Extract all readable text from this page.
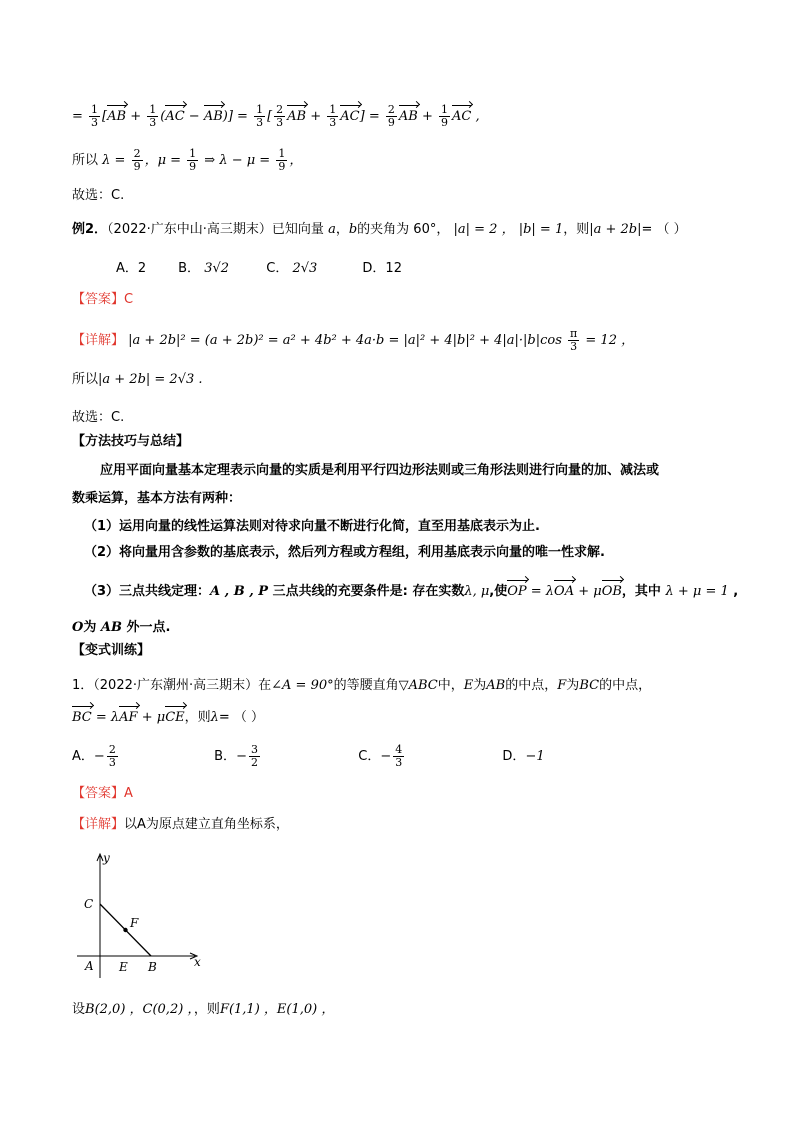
= $\frac{1}{3} [AB + \frac{1}{3} (AC - AB)] = \frac{1}{3}$ [ $\frac{2}{3}$ AB + $\frac{1}{3} AC] = \frac{2}{9}$ AB + $\frac{1}{9}$ AC ,
所以 $\lambda = \frac{2}{9}$ ，$\mu = \frac{1}{9}$ ⇒ $\lambda - \mu = \frac{1}{9}$ ，
故选：C.
例2．（2022·广东中山·高三期末）已知向量 a，b的夹角为 60°， |a| = 2 ， |b| = 1，则|a + 2b|= （ ）
A．2 B． 3√2	C． 2√3	D．12
【答案】C
【详解】 $|a + 2b|^2 = (a + 2b)^2 = a^2 + 4b^2 + 4a\cdot b = |a|^2 + 4|b|^2 + 4|a|\cdot|b|\cos \frac{\pi}{3} = 12$ ，
所以|a + 2b| = 2√3 .
故选：C.
【方法技巧与总结】
应用平面向量基本定理表示向量的实质是利用平行四边形法则或三角形法则进行向量的加、减法或
数乘运算，基本方法有两种：
（1）运用向量的线性运算法则对待求向量不断进行化简，直至用基底表示为止.
（2）将向量用含参数的基底表示，然后列方程或方程组，利用基底表示向量的唯一性求解.
（3）三点共线定理：A , B , P 三点共线的充要条件是: 存在实数λ, μ,使OP = λOA + μOB，其中 λ + μ = 1 ,
O为 AB 外一点.
【变式训练】
1．（2022·广东潮州·高三期末）在∠A = 90°的等腰直角▽ABC中，E为AB的中点，F为BC的中点，
BC = λAF + μCE，则λ= （ ）
A．− $\frac{2}{3}$	B．− $\frac{3}{2}$	C．− $\frac{4}{3}$	D．−1
【答案】A
【详解】以A为原点建立直角坐标系，
y
x
C
F
A E B
设B(2,0) ，C(0,2) ，，则F(1,1) ，E(1,0) ，
